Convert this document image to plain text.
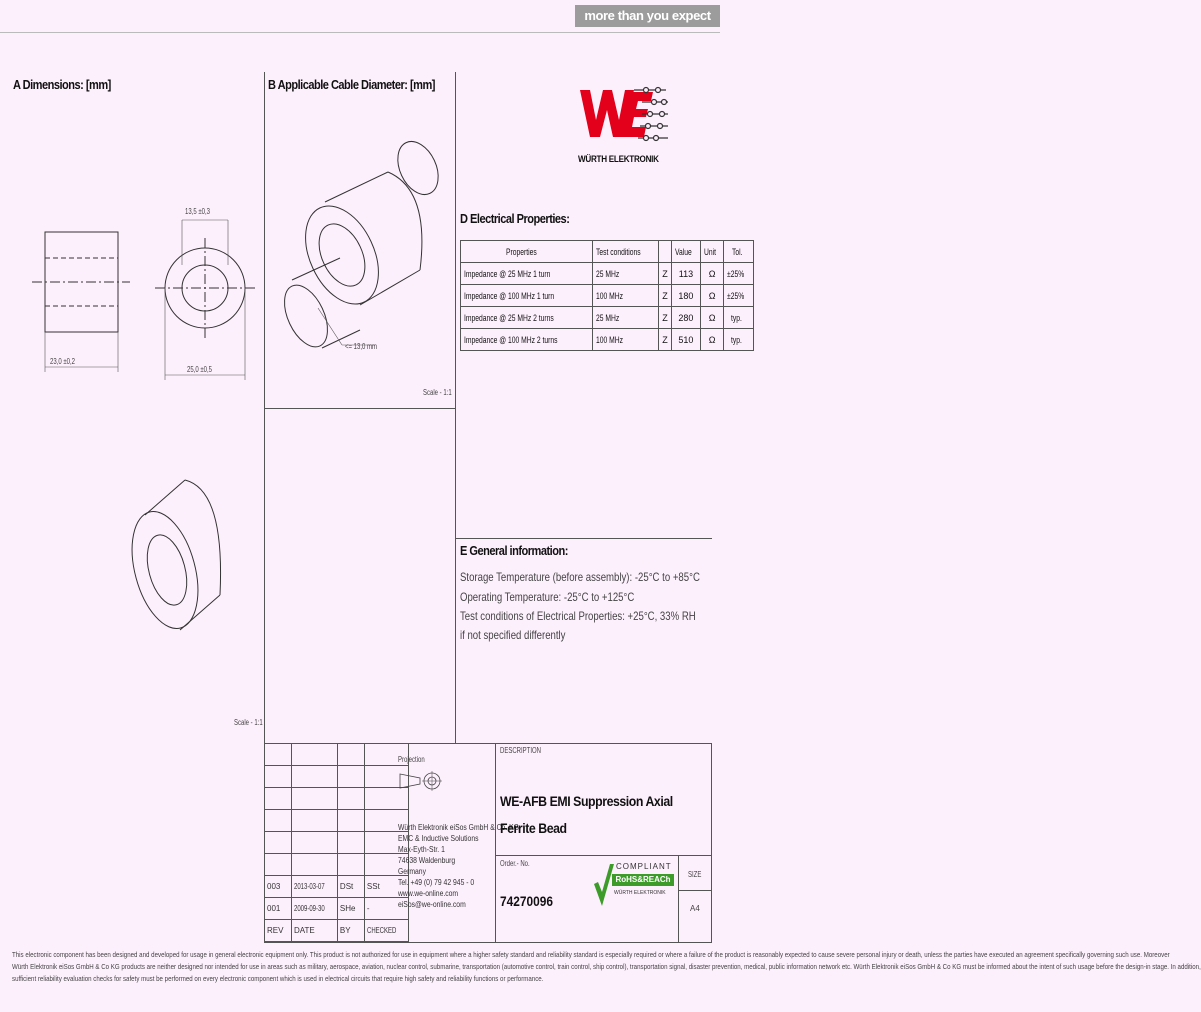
more than you expect
A Dimensions: [mm]	B Applicable Cable Diameter: [mm]
D Electrical Properties:
E General information:
WÜRTH ELEKTRONIK
23,0 ±0,2
13,5 ±0,3
25,0 ±0,5
<= 13,0 mm
Scale - 1:1
Scale - 1:1
Properties	Test conditions		Value	Unit	Tol.
Impedance @ 25 MHz 1 turn	25 MHz	Z	113	Ω	±25%
Impedance @ 100 MHz 1 turn	100 MHz	Z	180	Ω	±25%
Impedance @ 25 MHz 2 turns	25 MHz	Z	280	Ω	typ.
Impedance @ 100 MHz 2 turns	100 MHz	Z	510	Ω	typ.
Storage Temperature (before assembly): -25°C to +85°C
Operating Temperature: -25°C to +125°C
Test conditions of Electrical Properties: +25°C, 33% RH
if not specified differently

003	2013-03-07	DSt	SSt
001	2009-09-30	SHe	-
REV	DATE	BY	CHECKED
Projection
Würth Elektronik eiSos GmbH & Co. KG
EMC & Inductive Solutions
Max-Eyth-Str. 1
74638 Waldenburg
Germany
Tel. +49 (0) 79 42 945 - 0
www.we-online.com
eiSos@we-online.com
DESCRIPTION
WE-AFB EMI Suppression Axial Ferrite Bead
Order.- No.
74270096
COMPLIANT
RoHS&REACh
WÜRTH ELEKTRONIK
SIZE
A4
This electronic component has been designed and developed for usage in general electronic equipment only. This product is not authorized for use in equipment where a higher safety standard and reliability standard is especially required or where a failure of the product is reasonably expected to cause severe personal injury or death, unless the parties have executed an agreement specifically governing such use. Moreover
Würth Elektronik eiSos GmbH & Co KG products are neither designed nor intended for use in areas such as military, aerospace, aviation, nuclear control, submarine, transportation (automotive control, train control, ship control), transportation signal, disaster prevention, medical, public information network etc. Würth Elektronik eiSos GmbH & Co KG must be informed about the intent of such usage before the design-in stage. In addition,
sufficient reliability evaluation checks for safety must be performed on every electronic component which is used in electrical circuits that require high safety and reliability functions or performance.
